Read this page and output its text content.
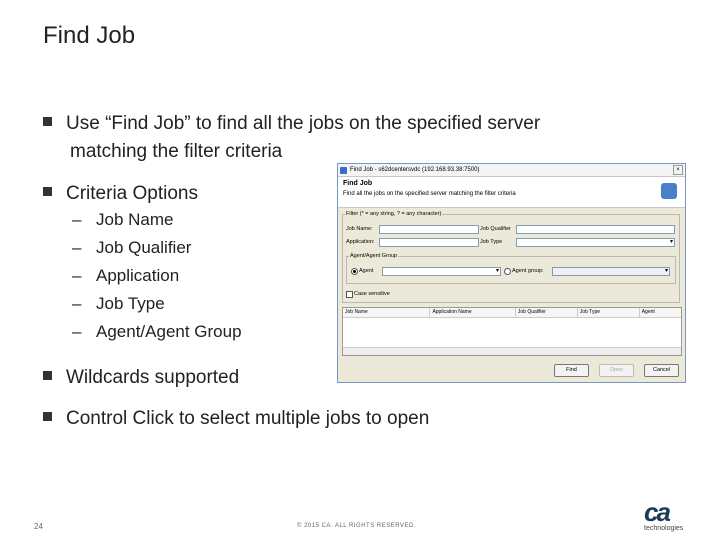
Find Job
Use “Find Job” to find all the jobs on the specified server
matching the filter criteria
Criteria Options
– Job Name
– Job Qualifier
– Application
– Job Type
– Agent/Agent Group
Wildcards supported
Control Click to select multiple jobs to open
Find Job - s62dcentersvdc (192.168.93.38:7500)	×
Find Job
Find all the jobs on the specified server matching the filter criteria
Filter (* = any string, ? = any character)
Job Name:	Job Qualifier
Application:	Job Type
▾
Agent/Agent Group
Agent
▾	Agent group:
▾
Case sensitive
Job Name	Application Name	Job Qualifier	Job Type	Agent
Find	Open	Cancel
24	© 2015 CA. ALL RIGHTS RESERVED.	ca
technologies
